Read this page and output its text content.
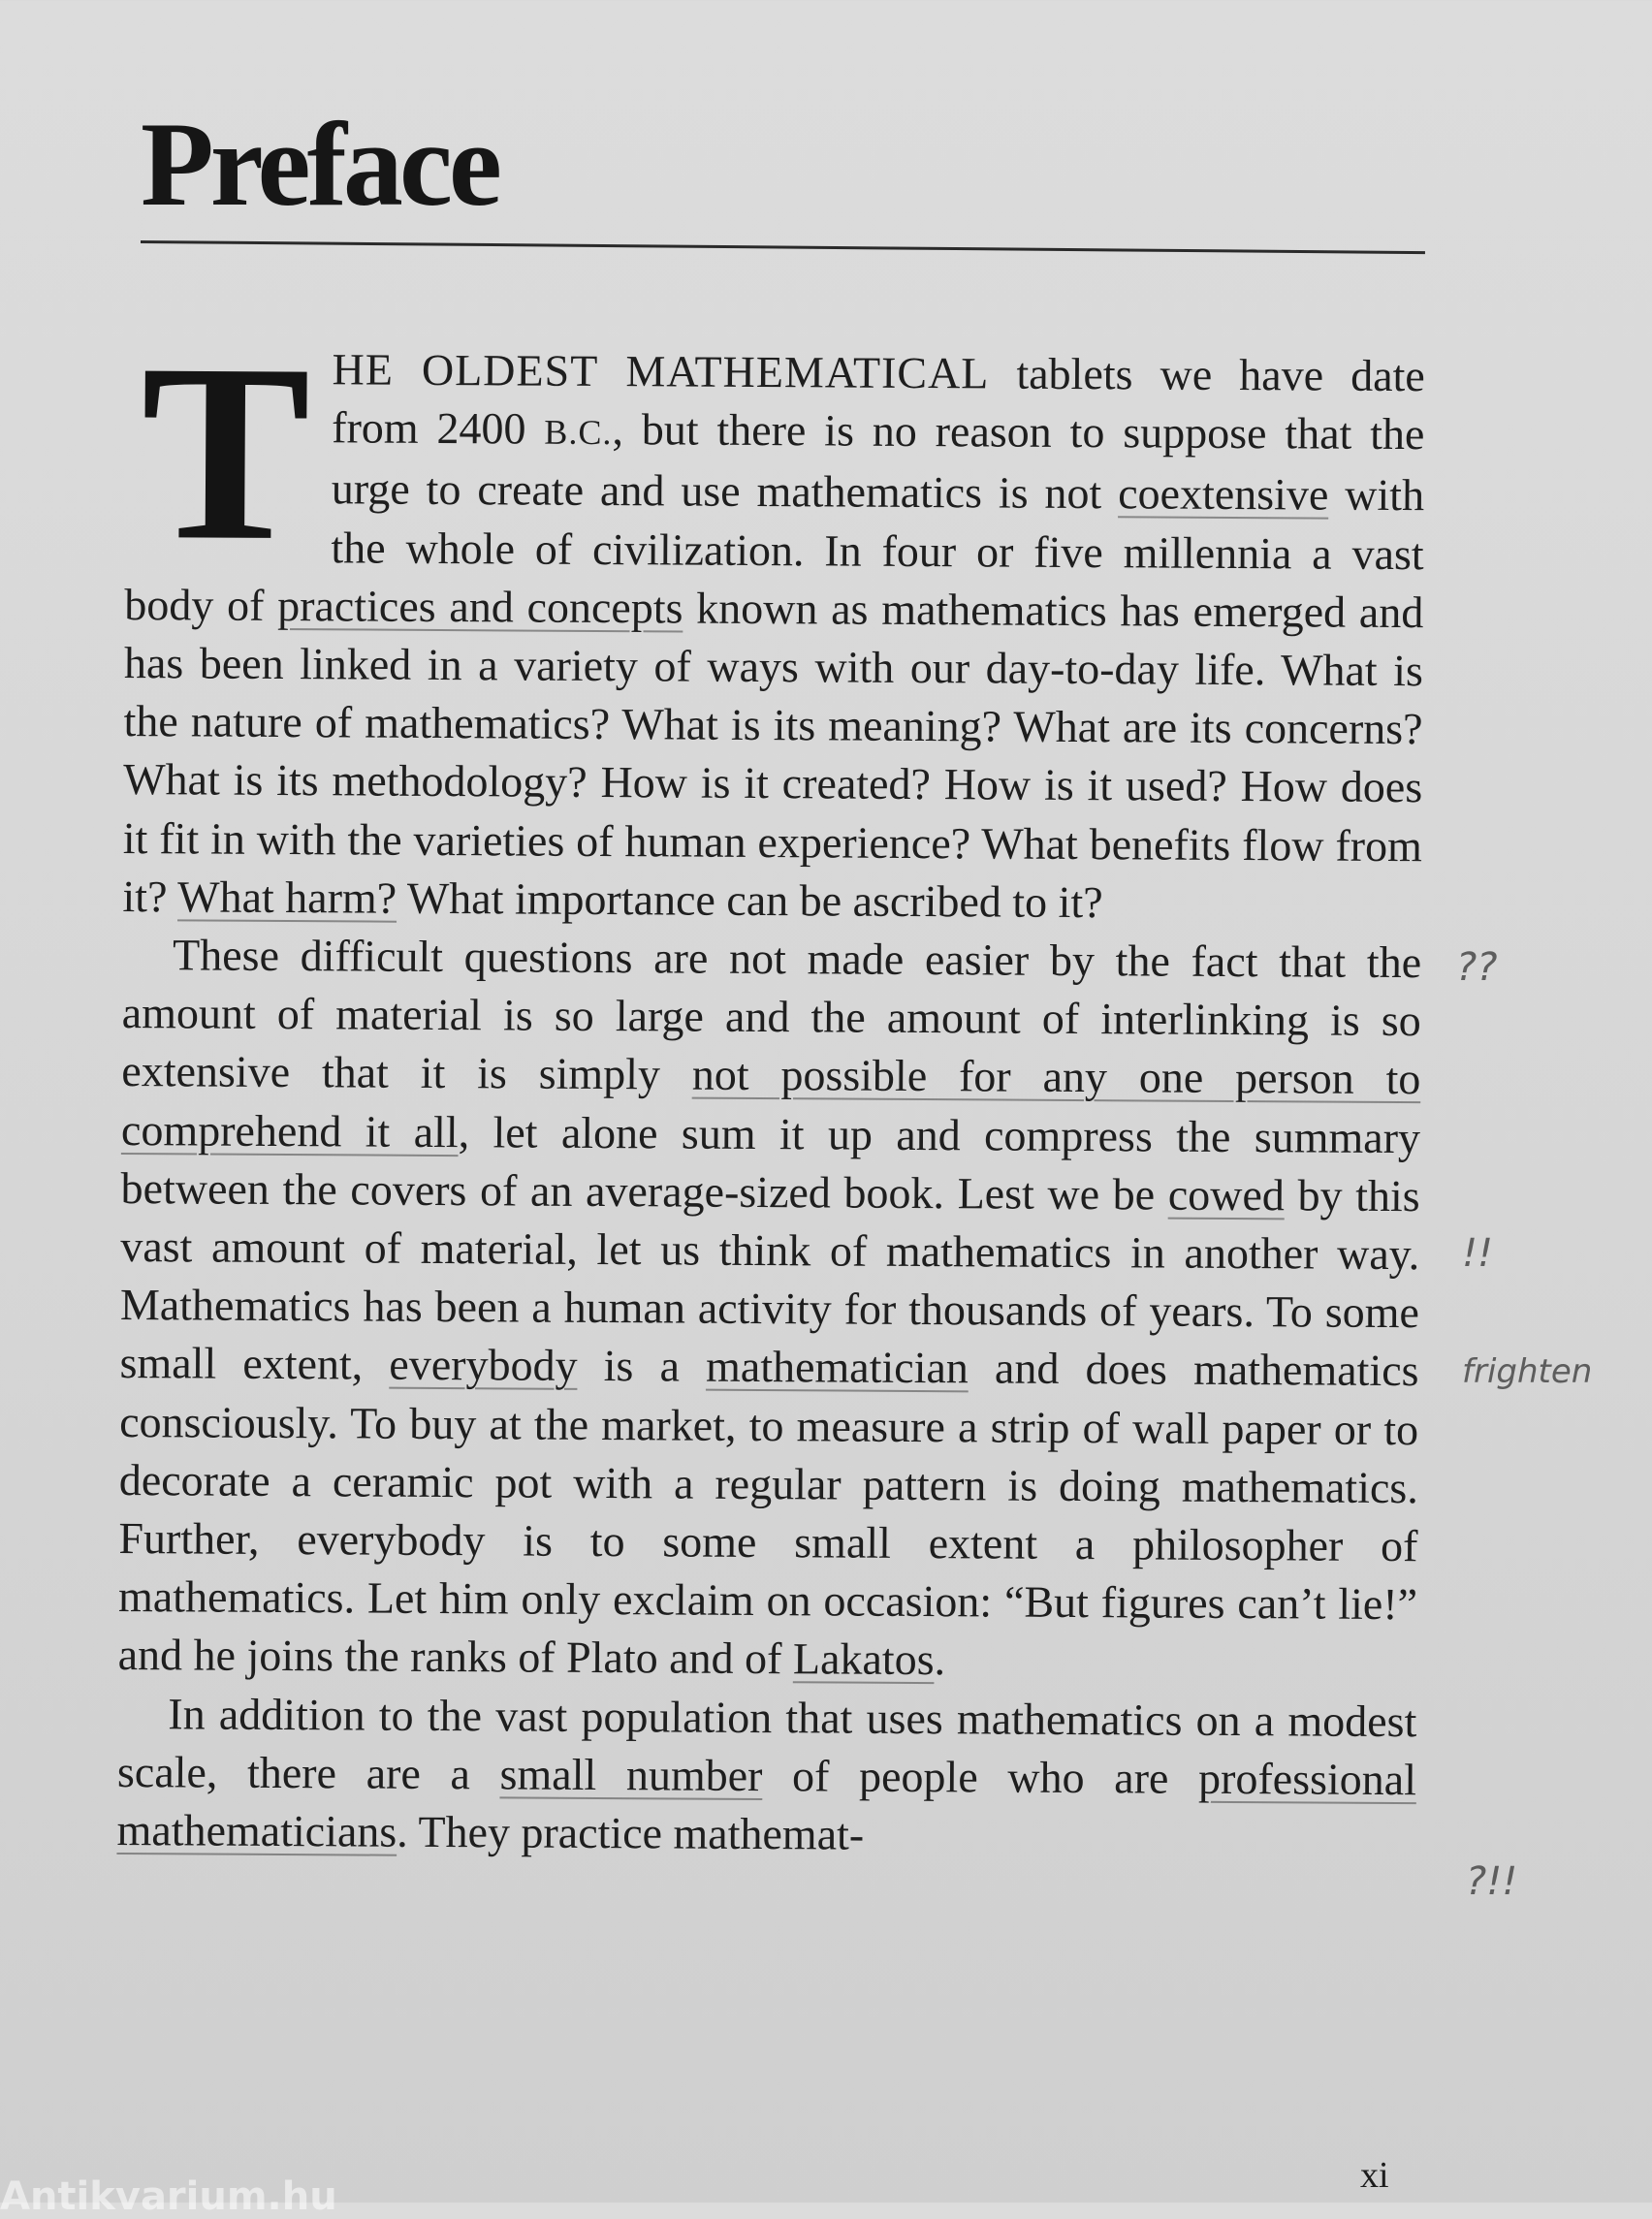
Preface

THE OLDEST MATHEMATICAL tablets we have date from 2400 B.C., but there is no reason to suppose that the urge to create and use mathematics is not coextensive with the whole of civilization. In four or five millennia a vast body of practices and concepts known as mathematics has emerged and has been linked in a variety of ways with our day-to-day life. What is the nature of mathematics? What is its meaning? What are its concerns? What is its methodology? How is it created? How is it used? How does it fit in with the varieties of human experience? What benefits flow from it? What harm? What importance can be ascribed to it?

These difficult questions are not made easier by the fact that the amount of material is so large and the amount of interlinking is so extensive that it is simply not possible for any one person to comprehend it all, let alone sum it up and compress the summary between the covers of an average-sized book. Lest we be cowed by this vast amount of material, let us think of mathematics in another way. Mathematics has been a human activity for thousands of years. To some small extent, everybody is a mathematician and does mathematics consciously. To buy at the market, to measure a strip of wall paper or to decorate a ceramic pot with a regular pattern is doing mathematics. Further, everybody is to some small extent a philosopher of mathematics. Let him only exclaim on occasion: “But figures can’t lie!” and he joins the ranks of Plato and of Lakatos.

In addition to the vast population that uses mathematics on a modest scale, there are a small number of people who are professional mathematicians. They practice mathemat-

??
!!
frighten
?!!
xi
Antikvarium.hu
